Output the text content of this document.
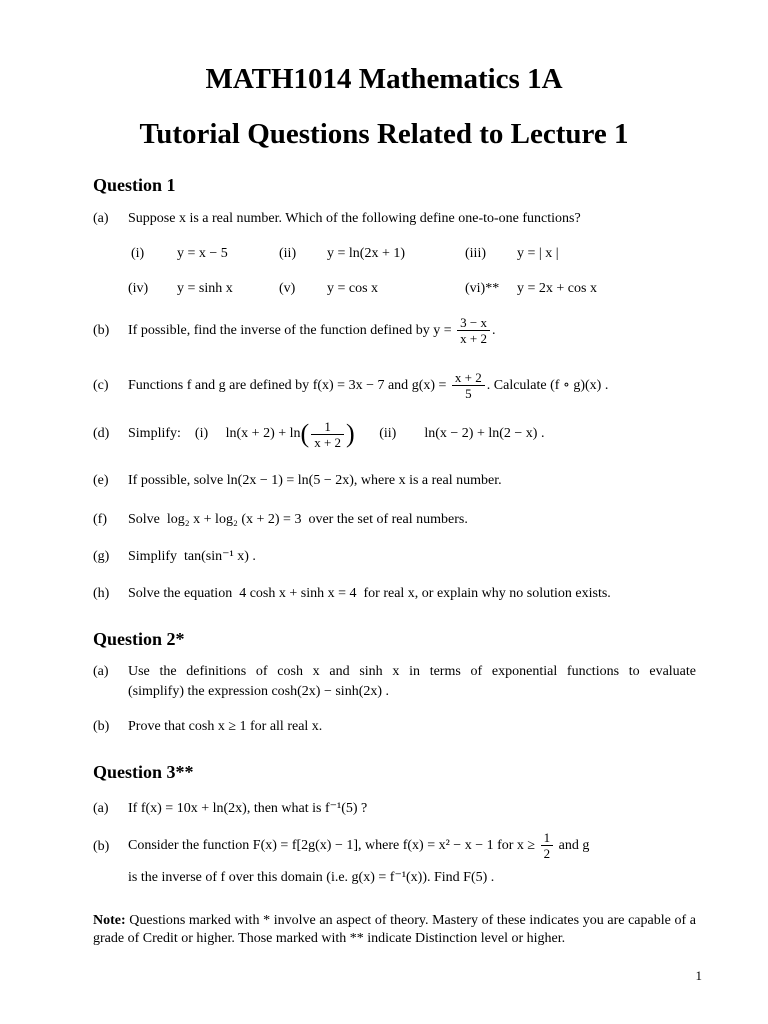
MATH1014 Mathematics 1A
Tutorial Questions Related to Lecture 1
Question 1
(a) Suppose x is a real number. Which of the following define one-to-one functions?
(i) y = x − 5	(ii) y = ln(2x + 1)	(iii) y = | x |
(iv) y = sinh x	(v) y = cos x	(vi)** y = 2x + cos x
(b) If possible, find the inverse of the function defined by $y = \frac{3 - x}{x + 2}$ .
(c) Functions f and g are defined by f(x) = 3x − 7 and $g(x) = \frac{x + 2}{5}$ . Calculate (f ∘ g)(x) .
(d) Simplify: (i) $\ln(x + 2) + \ln( \frac{1}{x + 2}$ ) (ii) ln(x − 2) + ln(2 − x) .
(e) If possible, solve ln(2x − 1) = ln(5 − 2x), where x is a real number.
(f) Solve log₂ x + log₂ (x + 2) = 3 over the set of real numbers.
(g) Simplify tan(sin⁻¹ x) .
(h) Solve the equation 4 cosh x + sinh x = 4 for real x, or explain why no solution exists.
Question 2*
(a) Use the definitions of cosh x and sinh x in terms of exponential functions to evaluate
(simplify) the expression cosh(2x) − sinh(2x) .
(b) Prove that cosh x ≥ 1 for all real x.
Question 3**
(a) If f(x) = 10x + ln(2x), then what is f⁻¹(5) ?
(b) Consider the function F(x) = f[2g(x) − 1], where f(x) = x² − x − 1 for $x \ge \frac{1}{2}$ and g
is the inverse of f over this domain (i.e. g(x) = f⁻¹(x)). Find F(5) .
Note: Questions marked with * involve an aspect of theory. Mastery of these indicates you are capable of a grade of Credit or higher. Those marked with ** indicate Distinction level or higher.
1
